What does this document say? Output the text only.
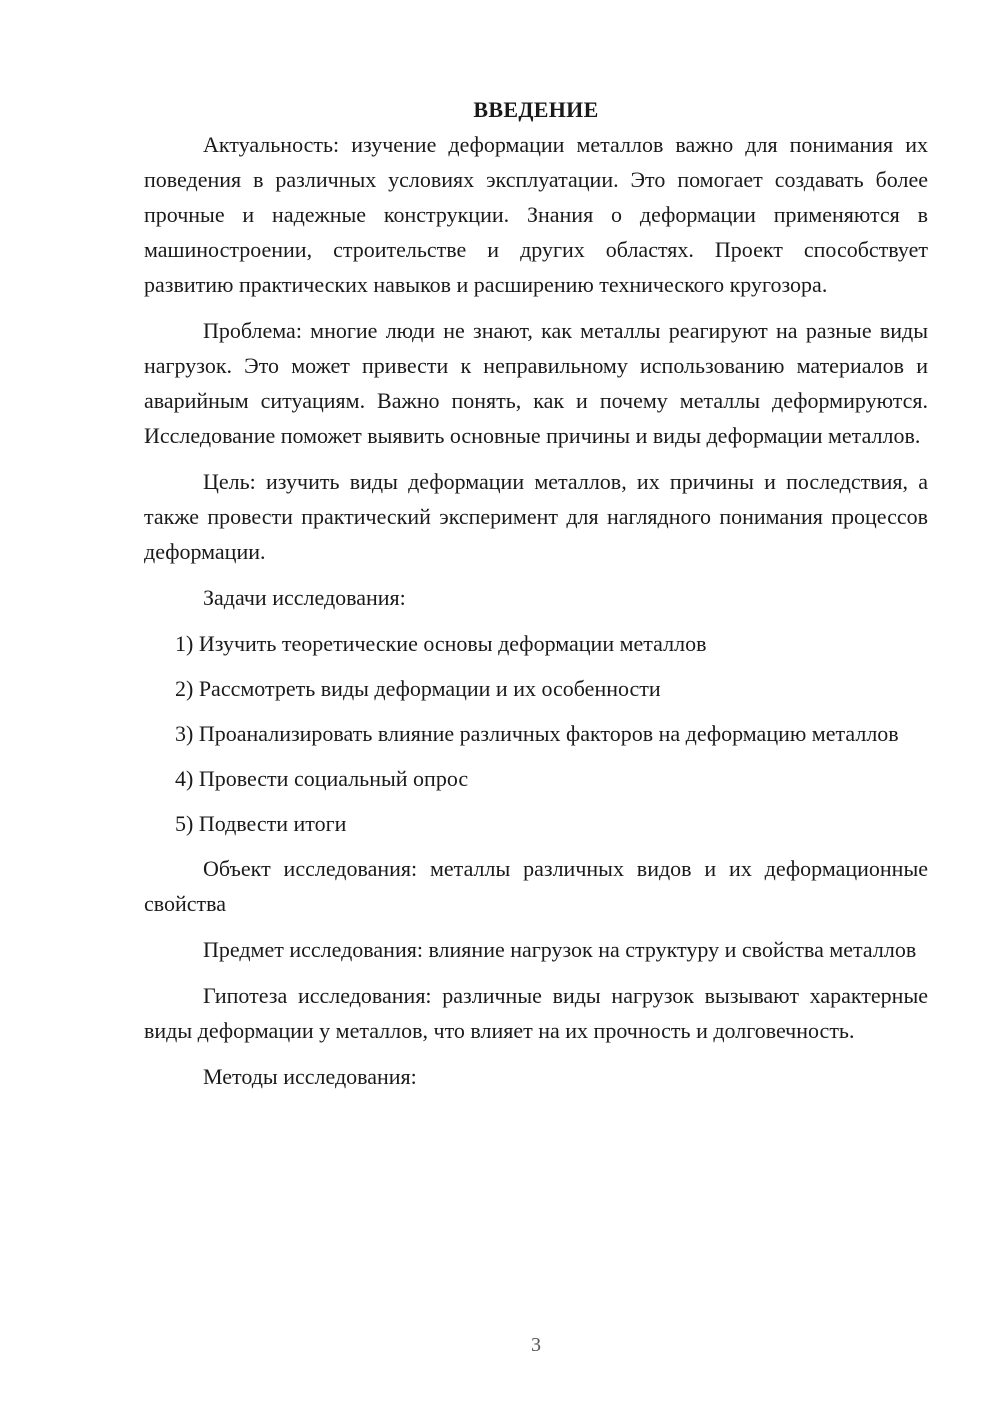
ВВЕДЕНИЕ

Актуальность: изучение деформации металлов важно для понимания их поведения в различных условиях эксплуатации. Это помогает создавать более прочные и надежные конструкции. Знания о деформации применяются в машиностроении, строительстве и других областях. Проект способствует развитию практических навыков и расширению технического кругозора.

Проблема: многие люди не знают, как металлы реагируют на разные виды нагрузок. Это может привести к неправильному использованию материалов и аварийным ситуациям. Важно понять, как и почему металлы деформируются. Исследование поможет выявить основные причины и виды деформации металлов.

Цель: изучить виды деформации металлов, их причины и последствия, а также провести практический эксперимент для наглядного понимания процессов деформации.

Задачи исследования:

1) Изучить теоретические основы деформации металлов

2) Рассмотреть виды деформации и их особенности

3) Проанализировать влияние различных факторов на деформацию металлов

4) Провести социальный опрос

5) Подвести итоги

Объект исследования: металлы различных видов и их деформационные свойства

Предмет исследования: влияние нагрузок на структуру и свойства металлов

Гипотеза исследования: различные виды нагрузок вызывают характерные виды деформации у металлов, что влияет на их прочность и долговечность.

Методы исследования:

3
